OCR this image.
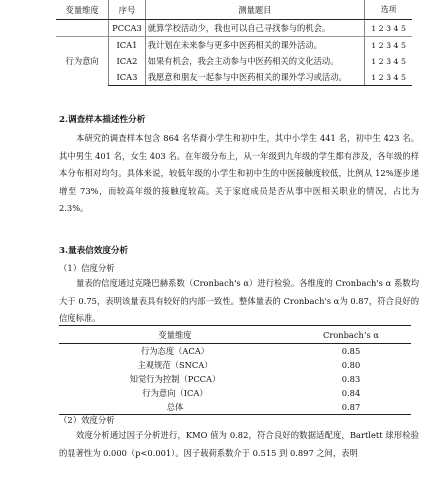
变量维度	序号	测量题目	选项
	PCCA3	就算学校活动少，我也可以自己寻找参与的机会。	1 2 3 4 5
行为意向	ICA1	我计划在未来参与更多中医药相关的课外活动。	1 2 3 4 5
	ICA2	如果有机会，我会主动参与中医药相关的文化活动。	1 2 3 4 5
	ICA3	我愿意和朋友一起参与中医药相关的课外学习或活动。	1 2 3 4 5
2.调查样本描述性分析
本研究的调查样本包含 864 名华裔小学生和初中生，其中小学生 441 名，初中生 423 名。其中男生 401 名，女生 403 名。在年级分布上，从一年级到九年级的学生都有涉及，各年级的样本分布相对均匀。具体来说，较低年级的小学生和初中生的中医接触度较低，比例从 12%逐步递增至 73%，而较高年级的接触度较高。关于家庭成员是否从事中医相关职业的情况，占比为 2.3%。
3.量表信效度分析
（1）信度分析
量表的信度通过克隆巴赫系数（Cronbach's α）进行检验。各维度的 Cronbach's α 系数均大于 0.75，表明该量表具有较好的内部一致性。整体量表的 Cronbach's α为 0.87，符合良好的信度标准。
变量维度	Cronbach’s α
行为态度（ACA）	0.85
主观规范（SNCA）	0.80
知觉行为控制（PCCA）	0.83
行为意向（ICA）	0.84
总体	0.87
（2）效度分析
效度分析通过因子分析进行，KMO 值为 0.82，符合良好的数据适配度，Bartlett 球形检验的显著性为 0.000（p<0.001）。因子载荷系数介于 0.515 到 0.897 之间，表明
